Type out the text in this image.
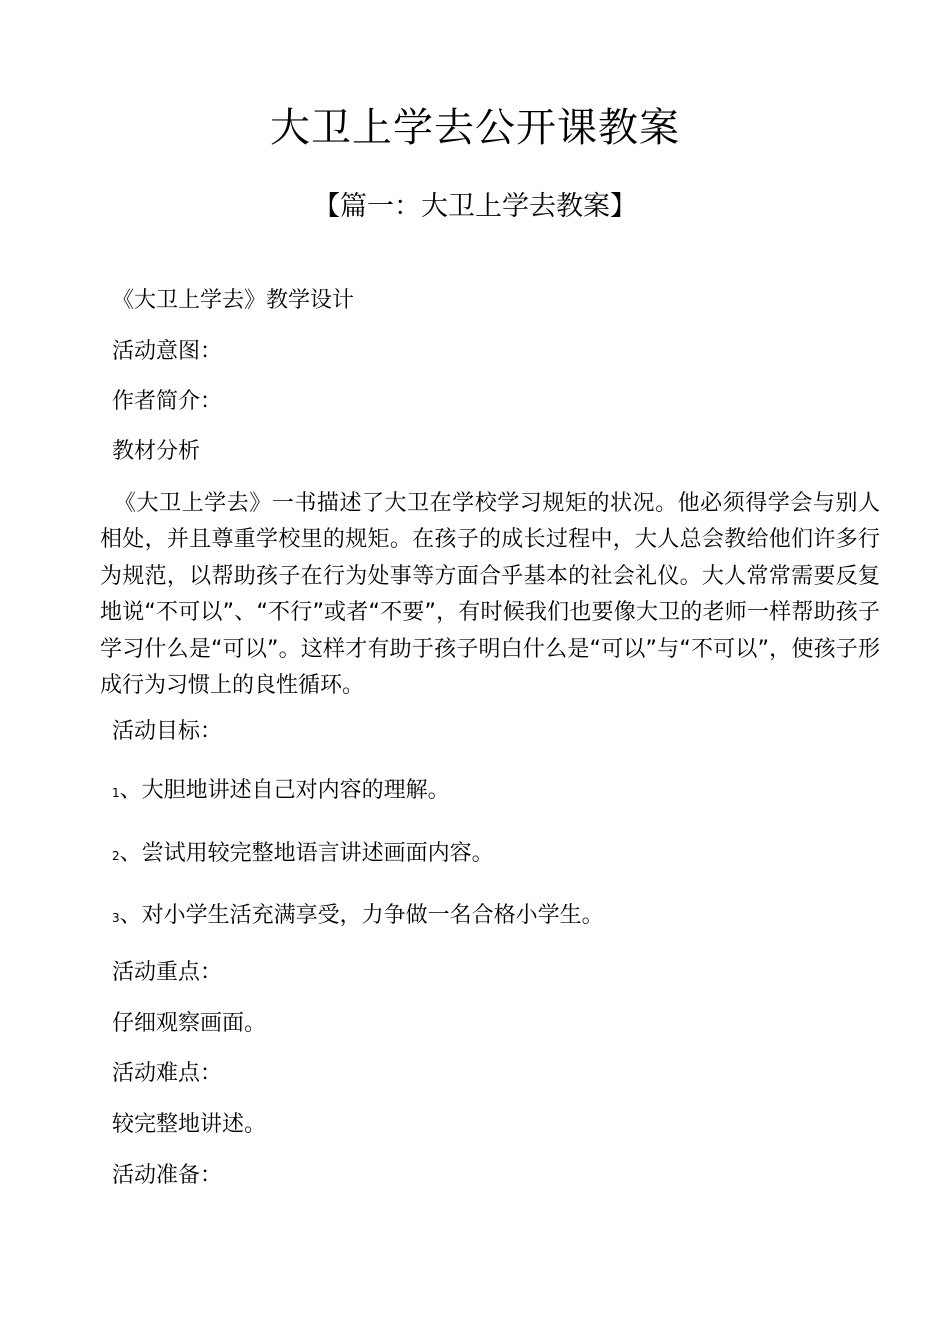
大卫上学去公开课教案
【篇一：大卫上学去教案】
《大卫上学去》教学设计
活动意图：
作者简介：
教材分析
《大卫上学去》一书描述了大卫在学校学习规矩的状况。他必须得学会与别人相处，并且尊重学校里的规矩。在孩子的成长过程中，大人总会教给他们许多行为规范，以帮助孩子在行为处事等方面合乎基本的社会礼仪。大人常常需要反复地说“不可以”、“不行”或者“不要”，有时候我们也要像大卫的老师一样帮助孩子学习什么是“可以”。这样才有助于孩子明白什么是“可以”与“不可以”，使孩子形成行为习惯上的良性循环。
活动目标：
1、大胆地讲述自己对内容的理解。
2、尝试用较完整地语言讲述画面内容。
3、对小学生活充满享受，力争做一名合格小学生。
活动重点：
仔细观察画面。
活动难点：
较完整地讲述。
活动准备：
